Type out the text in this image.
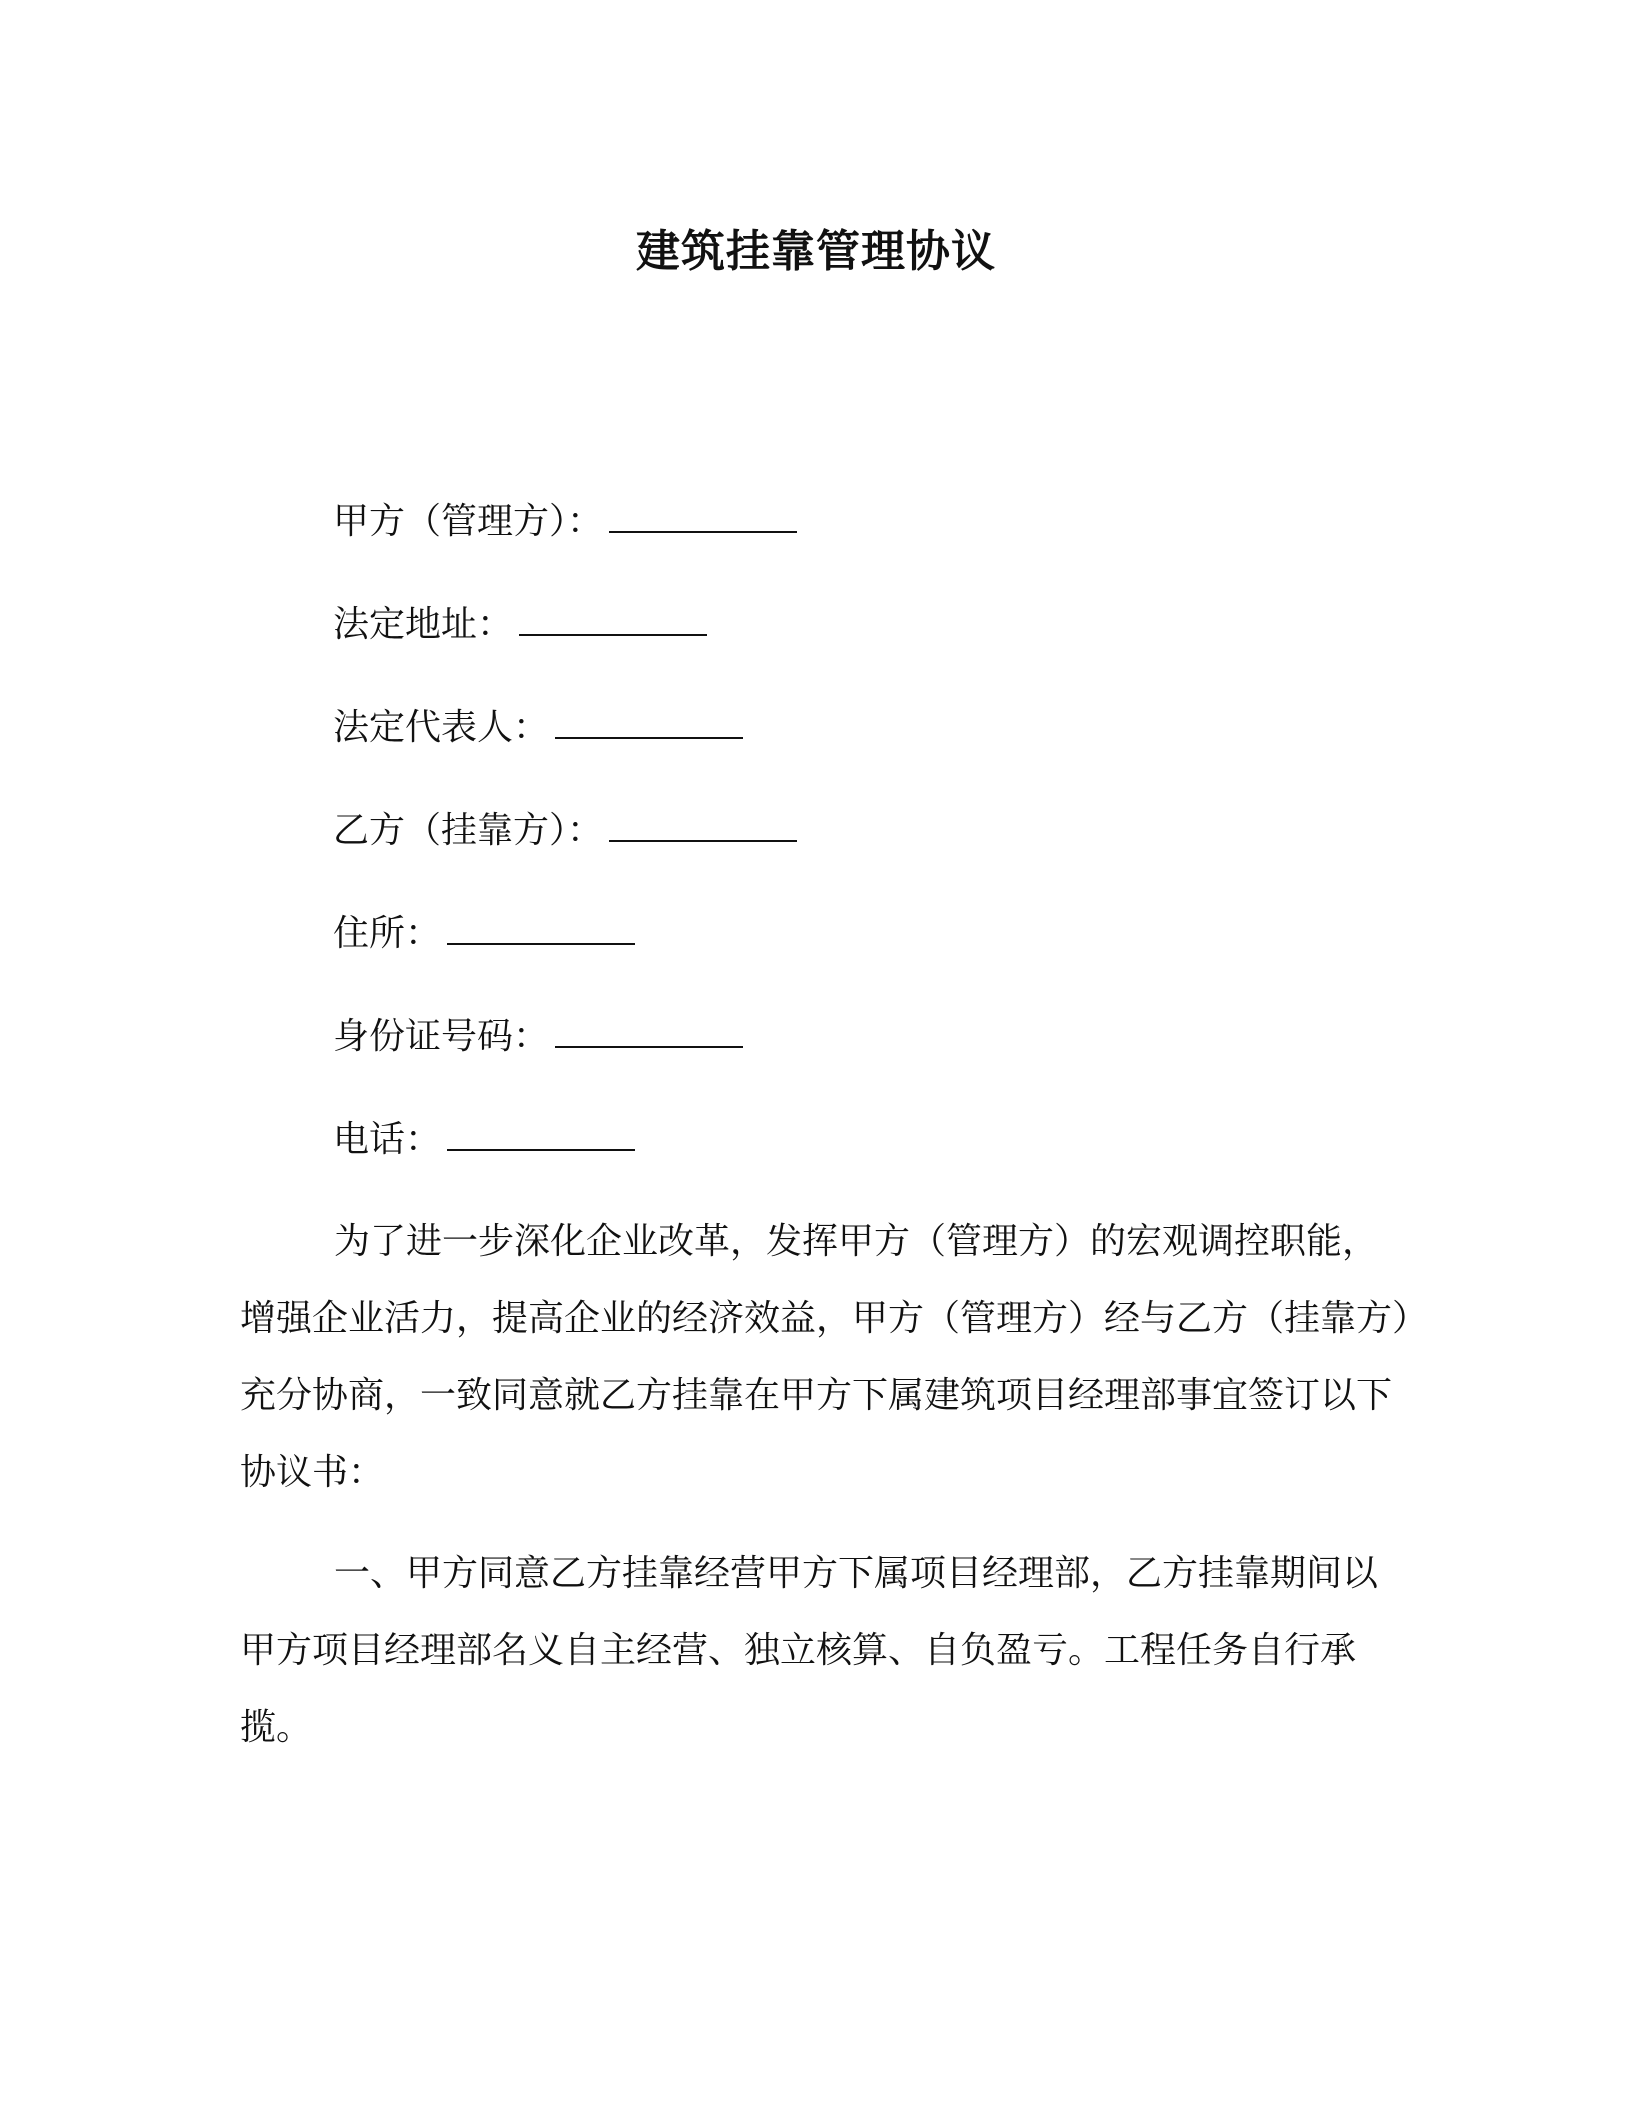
建筑挂靠管理协议
甲方（管理方）：
法定地址：
法定代表人：
乙方（挂靠方）：
住所：
身份证号码：
电话：

为了进一步深化企业改革，发挥甲方（管理方）的宏观调控职能，增强企业活力，提高企业的经济效益，甲方（管理方）经与乙方（挂靠方）充分协商，一致同意就乙方挂靠在甲方下属建筑项目经理部事宜签订以下协议书：

一、甲方同意乙方挂靠经营甲方下属项目经理部，乙方挂靠期间以甲方项目经理部名义自主经营、独立核算、自负盈亏。工程任务自行承揽。
